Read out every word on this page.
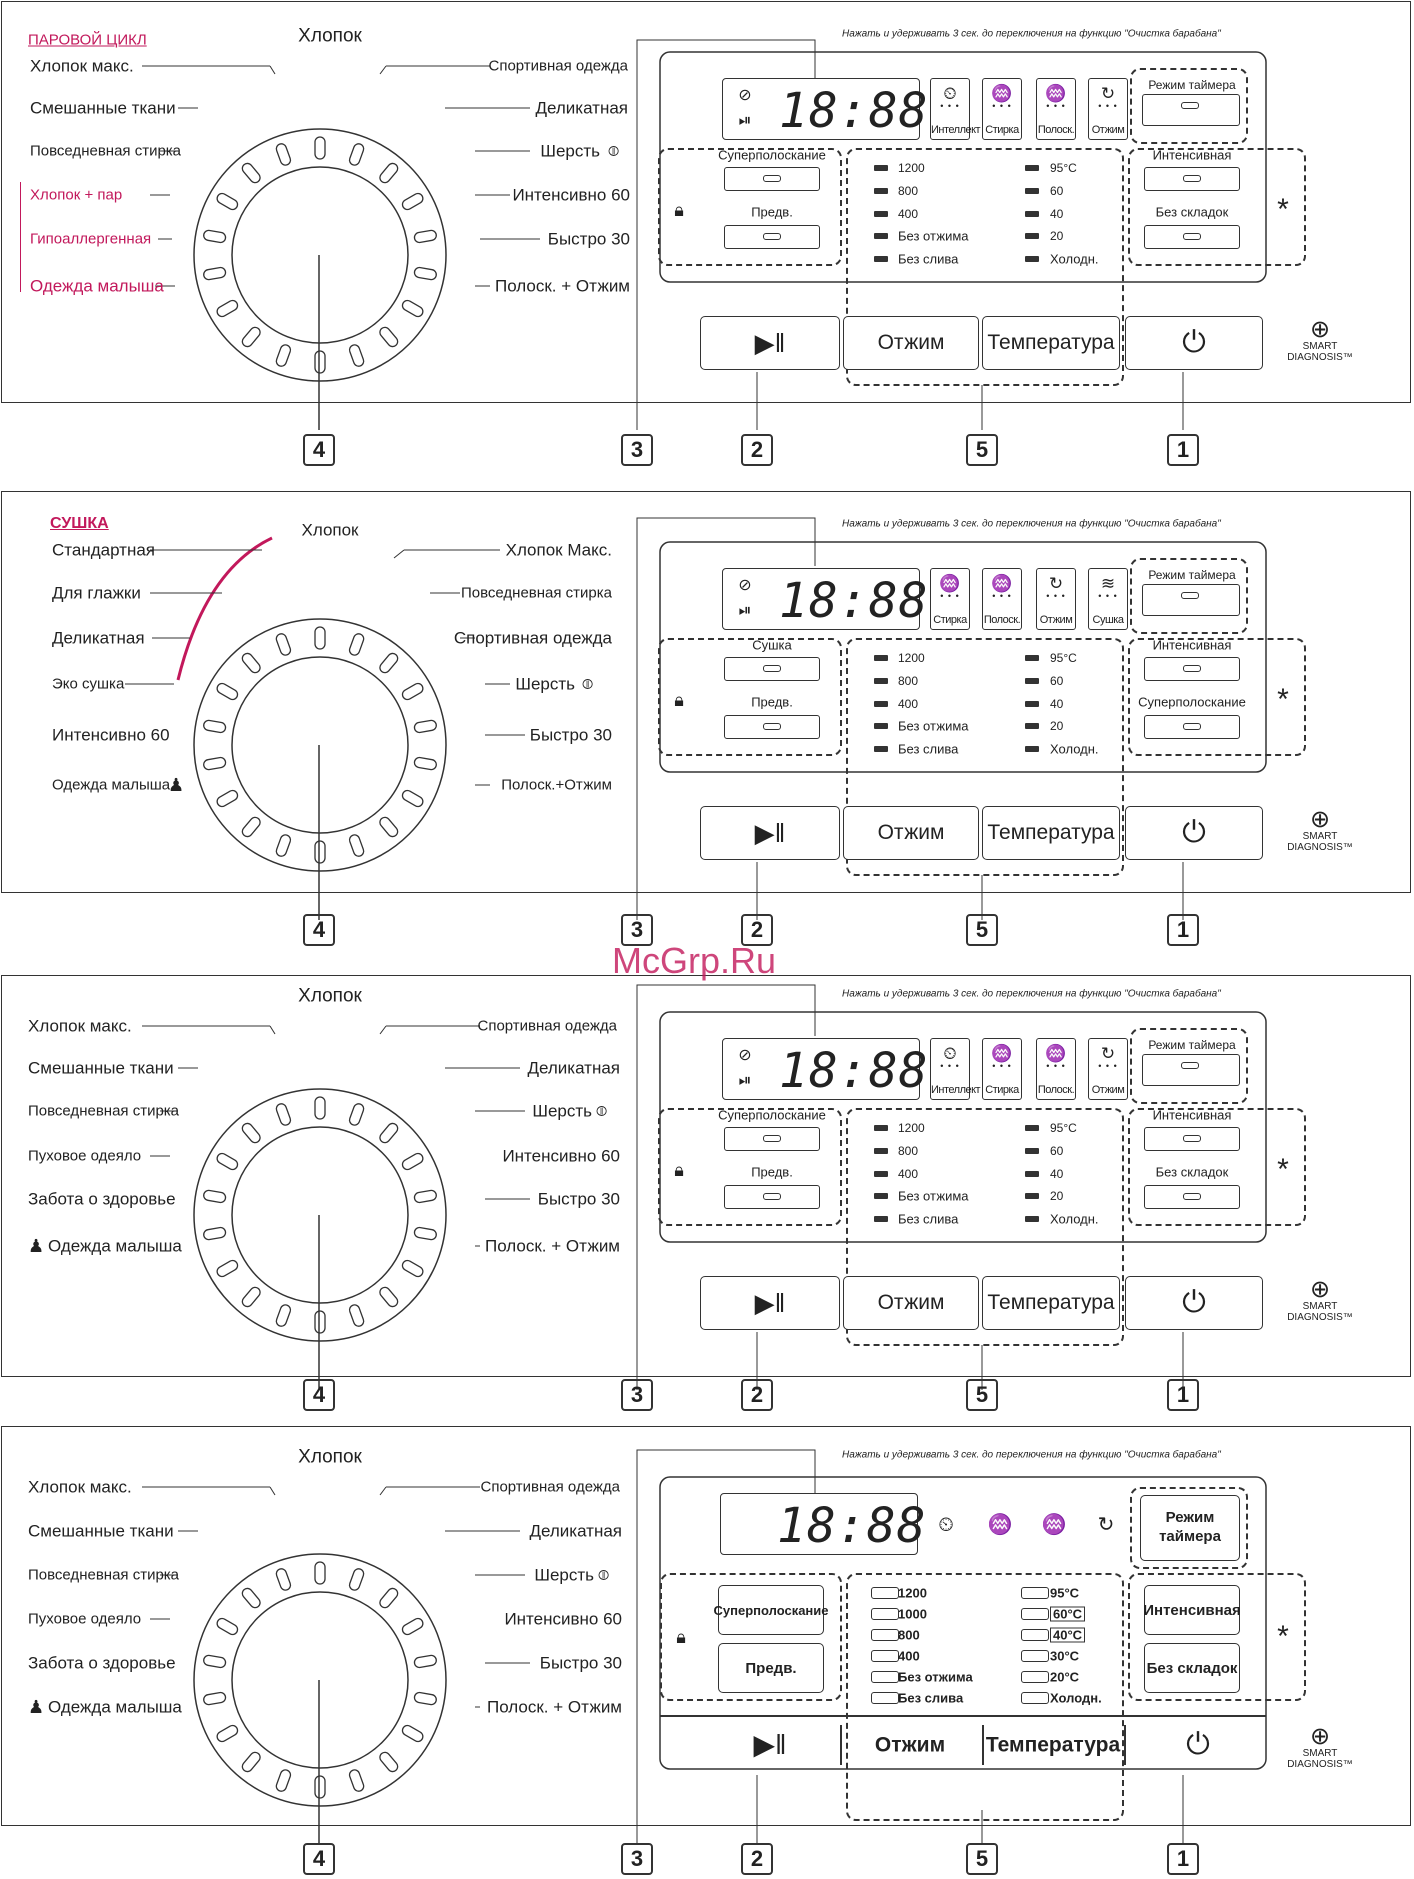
ПАРОВОЙ ЦИКЛ	Хлопок
Хлопок макс.
Смешанные ткани
Повседневная стирка
Хлопок + пар
Гипоаллергенная
Одежда малыша
Спортивная одежда
Деликатная
Шерсть ⦷
Интенсивно 60
Быстро 30
Полоск. + Отжим
Нажать и удерживать 3 сек. до переключения на функцию "Очистка барабана"
⊘
⏯ 18:88 ⏲
• • •
Интеллект
♒
• • •
Стирка
♒
• • •
Полоск.
↻
• • •
Отжим
Режим таймера
🔒︎	*
Суперполоскание
Предв.
Интенсивная
Без складок
1200
800
400
Без отжима
Без слива
95°C
60
40
20
Холодн.
▶‖	Отжим	Температура ⏻	⊕
SMART
DIAGNOSIS™
4	3	2	5	1
СУШКА	Хлопок
Стандартная
Для глажки
Деликатная
Эко сушка
Интенсивно 60
Одежда малыша
♟
Хлопок Макс.
Повседневная стирка
Спортивная одежда
Шерсть ⦷
Быстро 30
Полоск.+Отжим
Нажать и удерживать 3 сек. до переключения на функцию "Очистка барабана"
⊘
⏯ 18:88 ♒
• • •
Стирка
♒
• • •
Полоск.
↻
• • •
Отжим
≋
• • •
Сушка
Режим таймера
🔒︎	*
Сушка
Предв.
Интенсивная
Суперполоскание
1200
800
400
Без отжима
Без слива
95°C
60
40
20
Холодн.
▶‖	Отжим	Температура ⏻	⊕
SMART
DIAGNOSIS™
4	3	2	5	1
Хлопок
Хлопок макс.
Смешанные ткани
Повседневная стирка
Пуховое одеяло
Забота о здоровье
♟ Одежда малыша
Спортивная одежда
Деликатная
Шерсть ⦷
Интенсивно 60
Быстро 30
Полоск. + Отжим
Нажать и удерживать 3 сек. до переключения на функцию "Очистка барабана"
⊘
⏯ 18:88 ⏲
• • •
Интеллект
♒
• • •
Стирка
♒
• • •
Полоск.
↻
• • •
Отжим
Режим таймера
🔒︎	*
Суперполоскание
Предв.
Интенсивная
Без складок
1200
800
400
Без отжима
Без слива
95°C
60
40
20
Холодн.
▶‖	Отжим	Температура ⏻	⊕
SMART
DIAGNOSIS™
4	3	2	5	1
Хлопок
Хлопок макс.
Смешанные ткани
Повседневная стирка
Пуховое одеяло
Забота о здоровье
♟ Одежда малыша
Спортивная одежда
Деликатная
Шерсть ⦷
Интенсивно 60
Быстро 30
Полоск. + Отжим
Нажать и удерживать 3 сек. до переключения на функцию "Очистка барабана"
18:88 ⏲ ♒ ♒ ↻	Режим
таймера
🔒︎	*
Суперполоскание
Предв.
Интенсивная
Без складок
1200
1000
800
400
Без отжима
Без слива
95°C
60°C
40°C
30°C
20°C
Холодн.
▶‖	Отжим Температура ⏻	⊕
SMART
DIAGNOSIS™
4	3	2	5	1
McGrp.Ru
